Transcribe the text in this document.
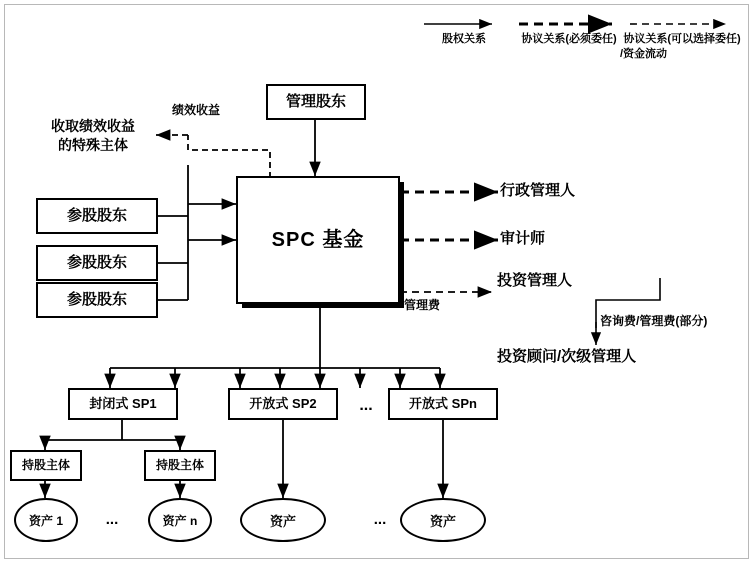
股权关系	协议关系(必须委任) 协议关系(可以选择委任)
/资金流动
管理股东
收取绩效收益
的特殊主体
绩效收益
参股股东
参股股东
参股股东
SPC 基金
行政管理人
审计师
投资管理人
投资顾问/次级管理人
管理费
咨询费/管理费(部分)
封闭式 SP1	开放式 SP2	开放式 SPn
...
持股主体	持股主体
资产 1	...	资产 n	资产	...	资产
